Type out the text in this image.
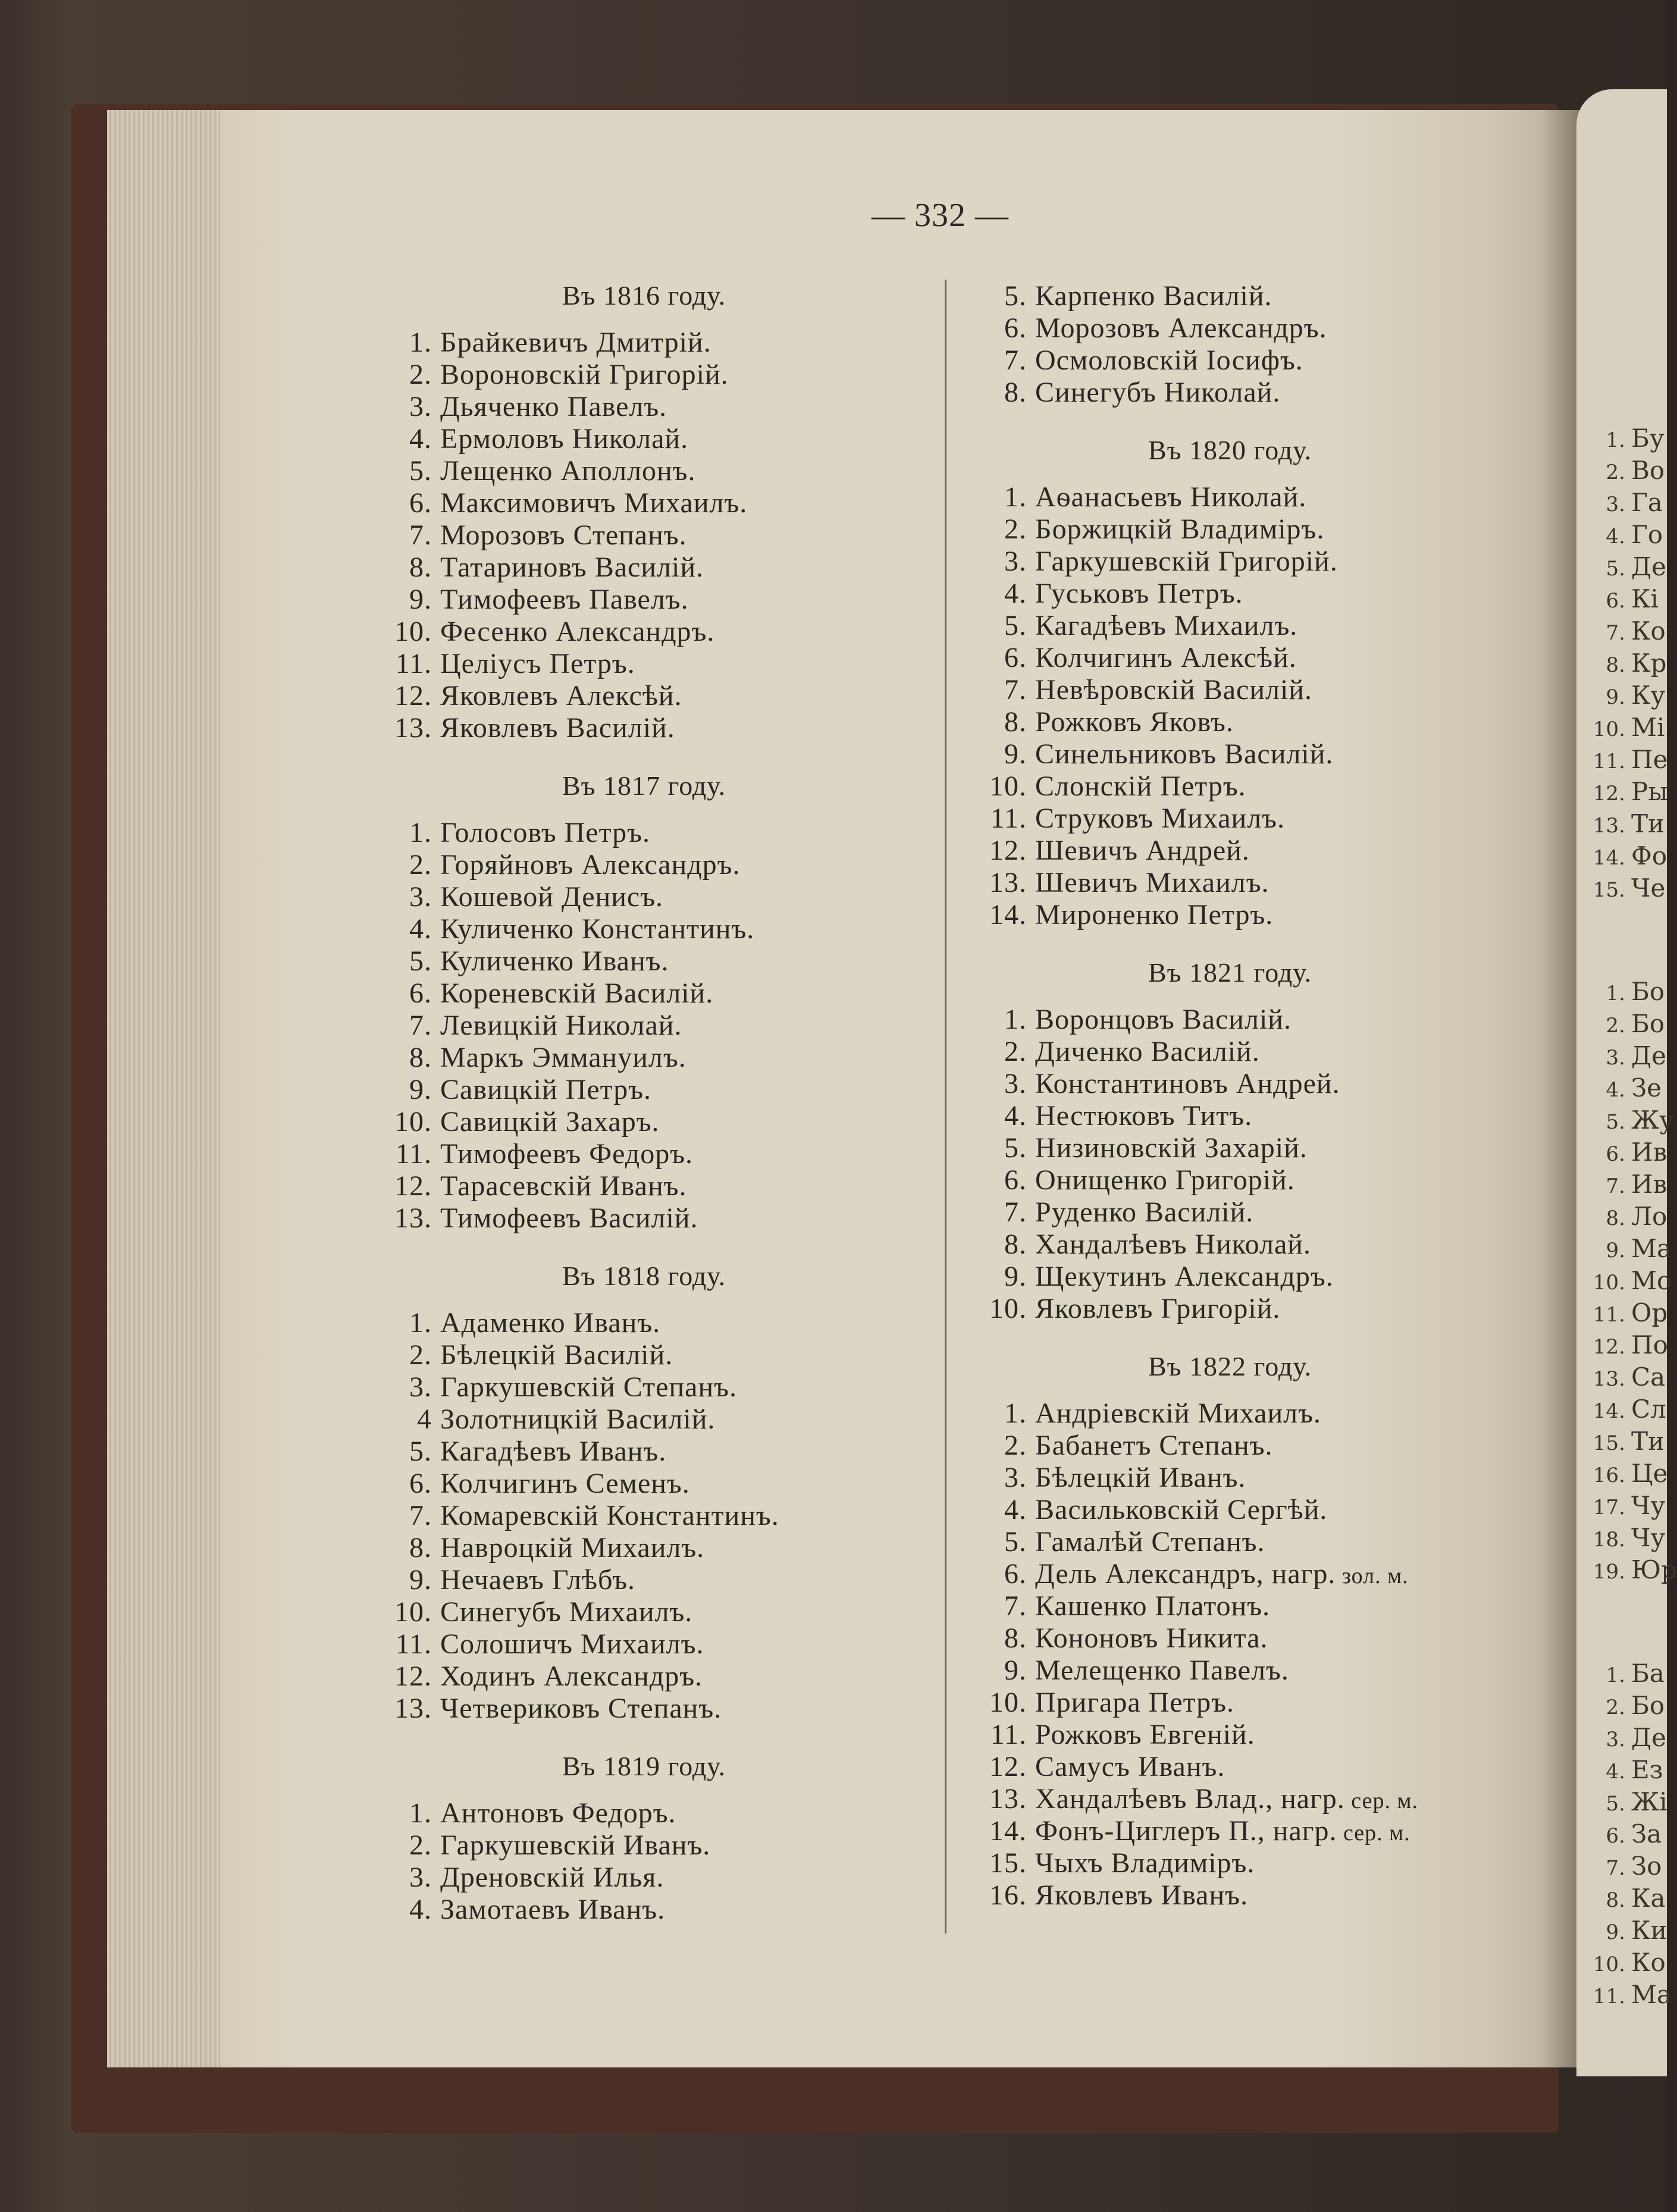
1. Бу
2. Во
3. Га
4. Го
5. Де
6. Кі
7. Ко
8. Кр
9. Ку
10. Мі
11. Пе
12. Ры
13. Ти
14. Фо
15. Че
1. Бо
2. Бо
3. Де
4. Зе
5. Жу
6. Ив
7. Ив
8. Ло
9. Ма
10. Мо
11. Ор
12. По
13. Са
14. Сл
15. Ти
16. Це
17. Чу
18. Чу
19. Юр
1. Ба
2. Бо
3. Де
4. Ез
5. Жі
6. За
7. Зо
8. Ка
9. Ки
10. Ко
11. Ма
— 332 —
Въ 1816 году.
1. Брайкевичъ Дмитрій.
2. Вороновскій Григорій.
3. Дьяченко Павелъ.
4. Ермоловъ Николай.
5. Лещенко Аполлонъ.
6. Максимовичъ Михаилъ.
7. Морозовъ Степанъ.
8. Татариновъ Василій.
9. Тимофеевъ Павелъ.
10. Фесенко Александръ.
11. Целіусъ Петръ.
12. Яковлевъ Алексѣй.
13. Яковлевъ Василій.
Въ 1817 году.
1. Голосовъ Петръ.
2. Горяйновъ Александръ.
3. Кошевой Денисъ.
4. Куличенко Константинъ.
5. Куличенко Иванъ.
6. Кореневскій Василій.
7. Левицкій Николай.
8. Маркъ Эммануилъ.
9. Савицкій Петръ.
10. Савицкій Захаръ.
11. Тимофеевъ Федоръ.
12. Тарасевскій Иванъ.
13. Тимофеевъ Василій.
Въ 1818 году.
1. Адаменко Иванъ.
2. Бѣлецкій Василій.
3. Гаркушевскій Степанъ.
4 Золотницкій Василій.
5. Кагадѣевъ Иванъ.
6. Колчигинъ Семенъ.
7. Комаревскій Константинъ.
8. Навроцкій Михаилъ.
9. Нечаевъ Глѣбъ.
10. Синегубъ Михаилъ.
11. Солошичъ Михаилъ.
12. Ходинъ Александръ.
13. Четвериковъ Степанъ.
Въ 1819 году.
1. Антоновъ Федоръ.
2. Гаркушевскій Иванъ.
3. Дреновскій Илья.
4. Замотаевъ Иванъ.
5. Карпенко Василій.
6. Морозовъ Александръ.
7. Осмоловскій Іосифъ.
8. Синегубъ Николай.
Въ 1820 году.
1. Аѳанасьевъ Николай.
2. Боржицкій Владиміръ.
3. Гаркушевскій Григорій.
4. Гуськовъ Петръ.
5. Кагадѣевъ Михаилъ.
6. Колчигинъ Алексѣй.
7. Невѣровскій Василій.
8. Рожковъ Яковъ.
9. Синельниковъ Василій.
10. Слонскій Петръ.
11. Струковъ Михаилъ.
12. Шевичъ Андрей.
13. Шевичъ Михаилъ.
14. Мироненко Петръ.
Въ 1821 году.
1. Воронцовъ Василій.
2. Диченко Василій.
3. Константиновъ Андрей.
4. Нестюковъ Титъ.
5. Низиновскій Захарій.
6. Онищенко Григорій.
7. Руденко Василій.
8. Хандалѣевъ Николай.
9. Щекутинъ Александръ.
10. Яковлевъ Григорій.
Въ 1822 году.
1. Андріевскій Михаилъ.
2. Бабанетъ Степанъ.
3. Бѣлецкій Иванъ.
4. Васильковскій Сергѣй.
5. Гамалѣй Степанъ.
6. Дель Александръ, нагр. зол. м.
7. Кашенко Платонъ.
8. Кононовъ Никита.
9. Мелещенко Павелъ.
10. Пригара Петръ.
11. Рожковъ Евгеній.
12. Самусъ Иванъ.
13. Хандалѣевъ Влад., нагр. сер. м.
14. Фонъ-Циглеръ П., нагр. сер. м.
15. Чыхъ Владиміръ.
16. Яковлевъ Иванъ.
